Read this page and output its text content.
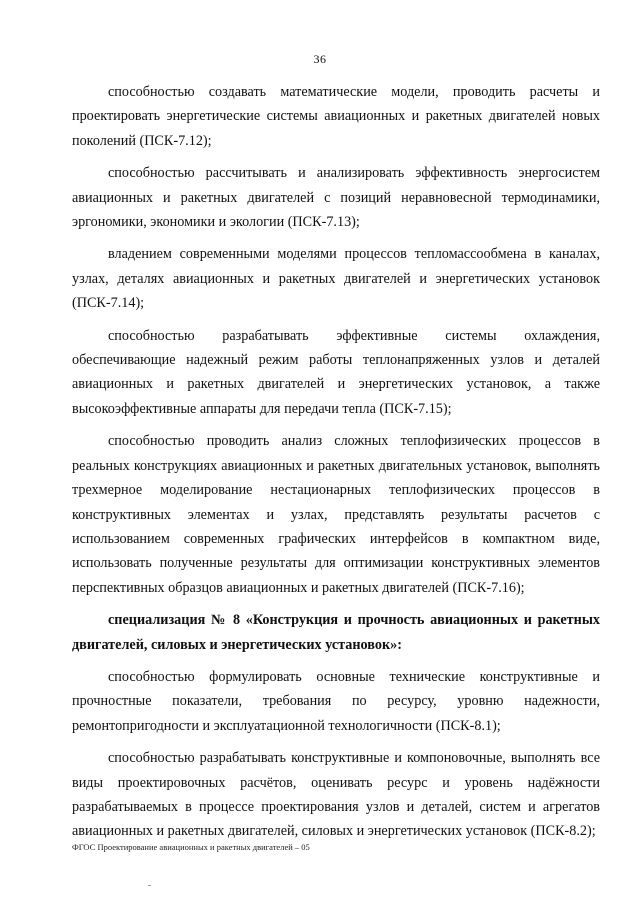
36

способностью создавать математические модели, проводить расчеты и проектировать энергетические системы авиационных и ракетных двигателей новых поколений (ПСК-7.12);

способностью рассчитывать и анализировать эффективность энергосистем авиационных и ракетных двигателей с позиций неравновесной термодинамики, эргономики, экономики и экологии (ПСК-7.13);

владением современными моделями процессов тепломассообмена в каналах, узлах, деталях авиационных и ракетных двигателей и энергетических установок (ПСК-7.14);

способностью разрабатывать эффективные системы охлаждения, обеспечивающие надежный режим работы теплонапряженных узлов и деталей авиационных и ракетных двигателей и энергетических установок, а также высокоэффективные аппараты для передачи тепла (ПСК-7.15);

способностью проводить анализ сложных теплофизических процессов в реальных конструкциях авиационных и ракетных двигательных установок, выполнять трехмерное моделирование нестационарных теплофизических процессов в конструктивных элементах и узлах, представлять результаты расчетов с использованием современных графических интерфейсов в компактном виде, использовать полученные результаты для оптимизации конструктивных элементов перспективных образцов авиационных и ракетных двигателей (ПСК-7.16);

специализация № 8 «Конструкция и прочность авиационных и ракетных двигателей, силовых и энергетических установок»:

способностью формулировать основные технические конструктивные и прочностные показатели, требования по ресурсу, уровню надежности, ремонтопригодности и эксплуатационной технологичности (ПСК-8.1);

способностью разрабатывать конструктивные и компоновочные, выполнять все виды проектировочных расчётов, оценивать ресурс и уровень надёжности разрабатываемых в процессе проектирования узлов и деталей, систем и агрегатов авиационных и ракетных двигателей, силовых и энергетических установок (ПСК-8.2);

ФГОС Проектирование авиационных и ракетных двигателей – 05
